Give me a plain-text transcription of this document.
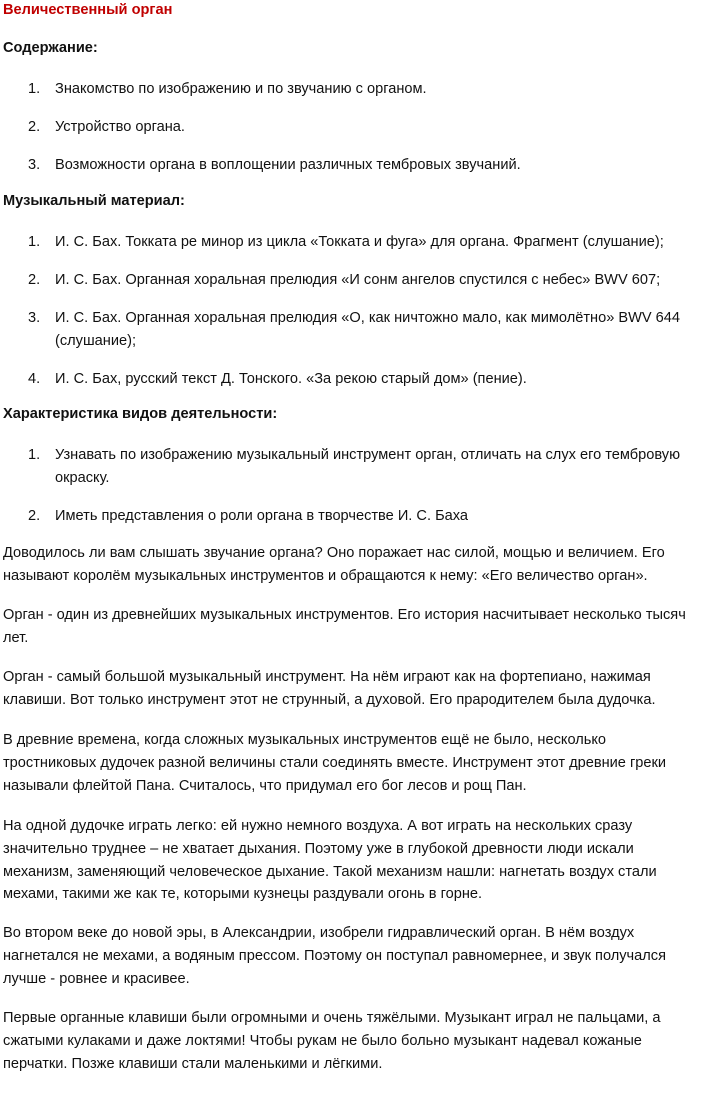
Величественный орган
Содержание:
1. Знакомство по изображению и по звучанию с органом.
2. Устройство органа.
3. Возможности органа в воплощении различных тембровых звучаний.
Музыкальный материал:
1. И. С. Бах. Токката ре минор из цикла «Токката и фуга» для органа. Фрагмент (слушание);
2. И. С. Бах. Органная хоральная прелюдия «И сонм ангелов спустился с небес» BWV 607;
3. И. С. Бах. Органная хоральная прелюдия «О, как ничтожно мало, как мимолётно» BWV 644 (слушание);
4. И. С. Бах, русский текст Д. Тонского. «За рекою старый дом» (пение).
Характеристика видов деятельности:
1. Узнавать по изображению музыкальный инструмент орган, отличать на слух его тембровую окраску.
2. Иметь представления о роли органа в творчестве И. С. Баха

Доводилось ли вам слышать звучание органа? Оно поражает нас силой, мощью и величием. Его называют королём музыкальных инструментов и обращаются к нему: «Его величество орган».

Орган - один из древнейших музыкальных инструментов. Его история насчитывает несколько тысяч лет.

Орган - самый большой музыкальный инструмент. На нём играют как на фортепиано, нажимая клавиши. Вот только инструмент этот не струнный, а духовой. Его прародителем была дудочка.

В древние времена, когда сложных музыкальных инструментов ещё не было, несколько тростниковых дудочек разной величины стали соединять вместе. Инструмент этот древние греки называли флейтой Пана. Считалось, что придумал его бог лесов и рощ Пан.

На одной дудочке играть легко: ей нужно немного воздуха. А вот играть на нескольких сразу значительно труднее – не хватает дыхания. Поэтому уже в глубокой древности люди искали механизм, заменяющий человеческое дыхание. Такой механизм нашли: нагнетать воздух стали мехами, такими же как те, которыми кузнецы раздували огонь в горне.

Во втором веке до новой эры, в Александрии, изобрели гидравлический орган. В нём воздух нагнетался не мехами, а водяным прессом. Поэтому он поступал равномернее, и звук получался лучше - ровнее и красивее.

Первые органные клавиши были огромными и очень тяжёлыми. Музыкант играл не пальцами, а сжатыми кулаками и даже локтями! Чтобы рукам не было больно музыкант надевал кожаные перчатки. Позже клавиши стали маленькими и лёгкими.
